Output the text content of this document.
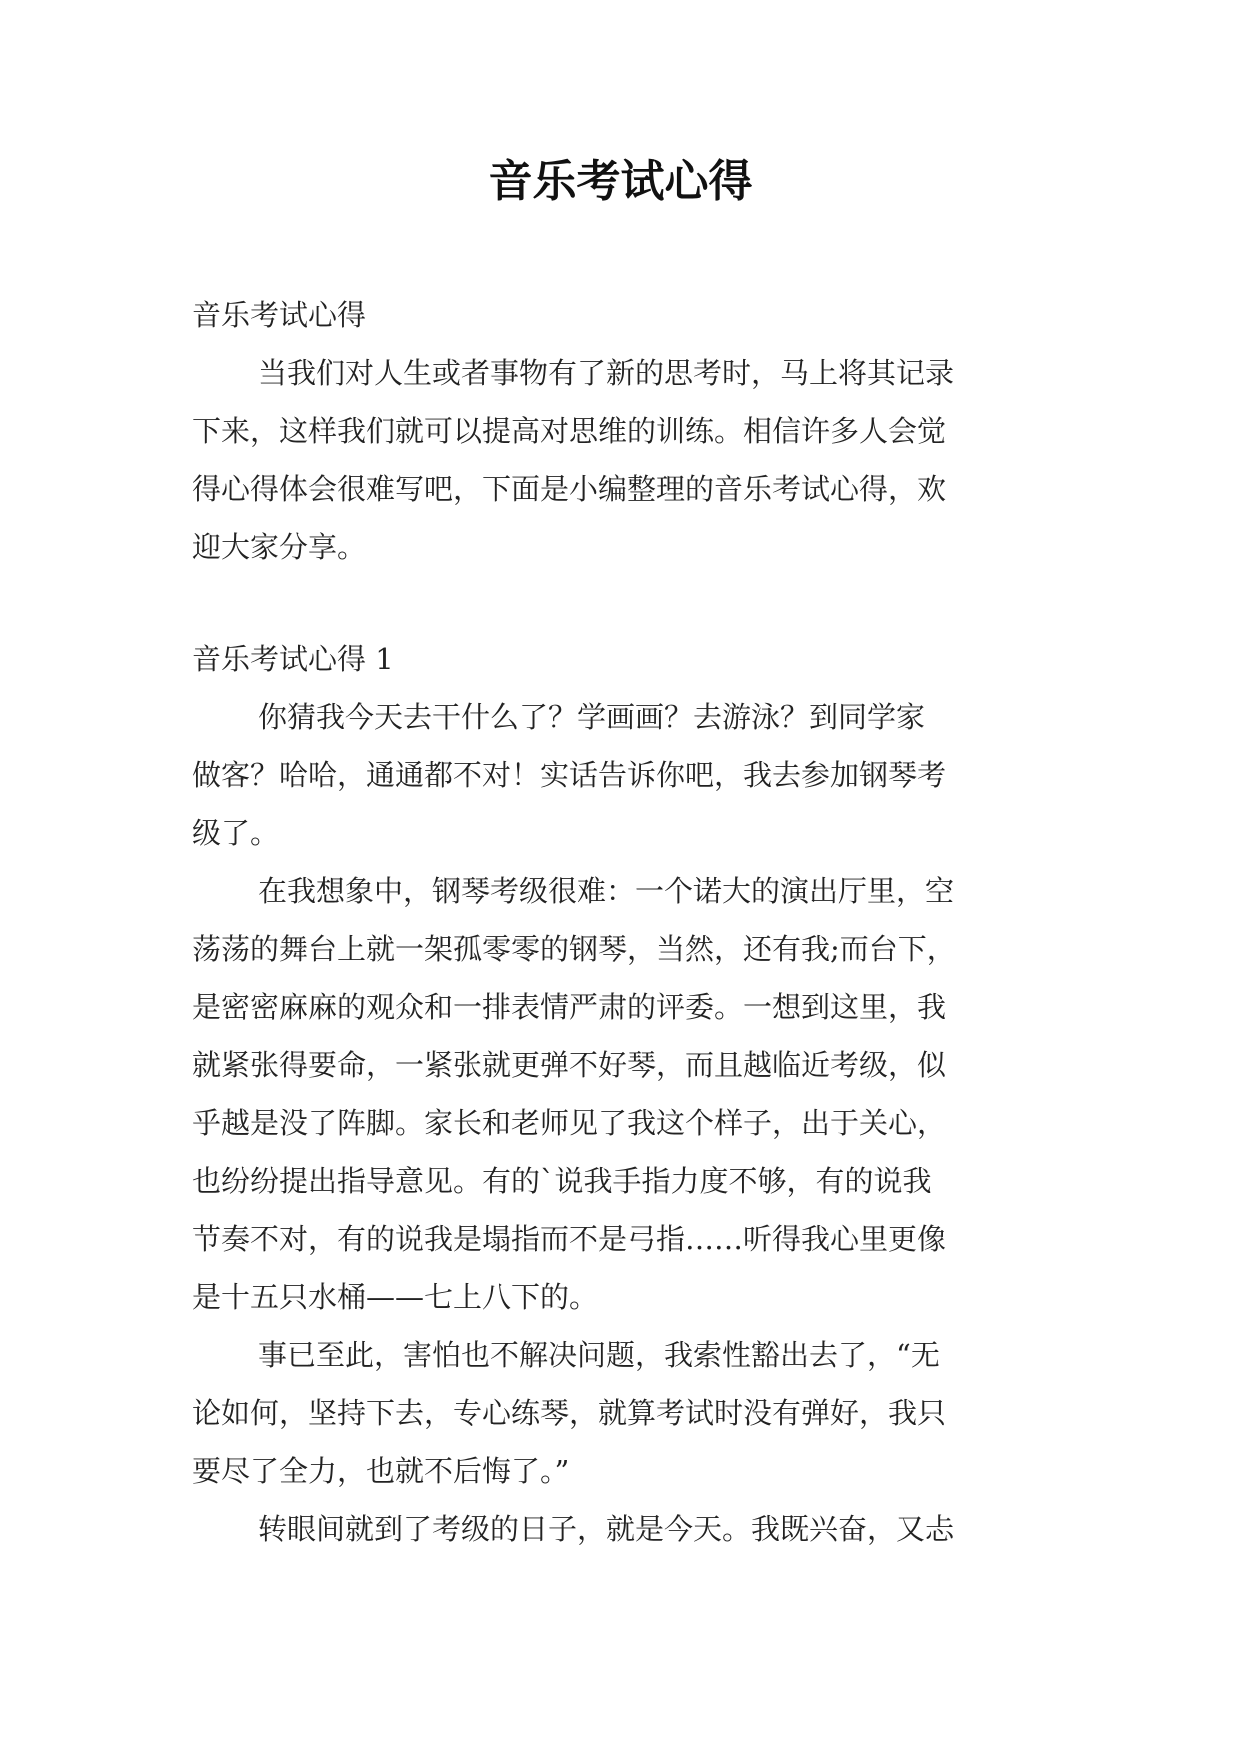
音乐考试心得
音乐考试心得
当我们对人生或者事物有了新的思考时，马上将其记录
下来，这样我们就可以提高对思维的训练。相信许多人会觉
得心得体会很难写吧，下面是小编整理的音乐考试心得，欢
迎大家分享。
音乐考试心得 1
你猜我今天去干什么了？学画画？去游泳？到同学家
做客？哈哈，通通都不对！实话告诉你吧，我去参加钢琴考
级了。
在我想象中，钢琴考级很难：一个诺大的演出厅里，空
荡荡的舞台上就一架孤零零的钢琴，当然，还有我;而台下，
是密密麻麻的观众和一排表情严肃的评委。一想到这里，我
就紧张得要命，一紧张就更弹不好琴，而且越临近考级，似
乎越是没了阵脚。家长和老师见了我这个样子，出于关心，
也纷纷提出指导意见。有的`说我手指力度不够，有的说我
节奏不对，有的说我是塌指而不是弓指……听得我心里更像
是十五只水桶——七上八下的。
事已至此，害怕也不解决问题，我索性豁出去了，“无
论如何，坚持下去，专心练琴，就算考试时没有弹好，我只
要尽了全力，也就不后悔了。”
转眼间就到了考级的日子，就是今天。我既兴奋，又忐
